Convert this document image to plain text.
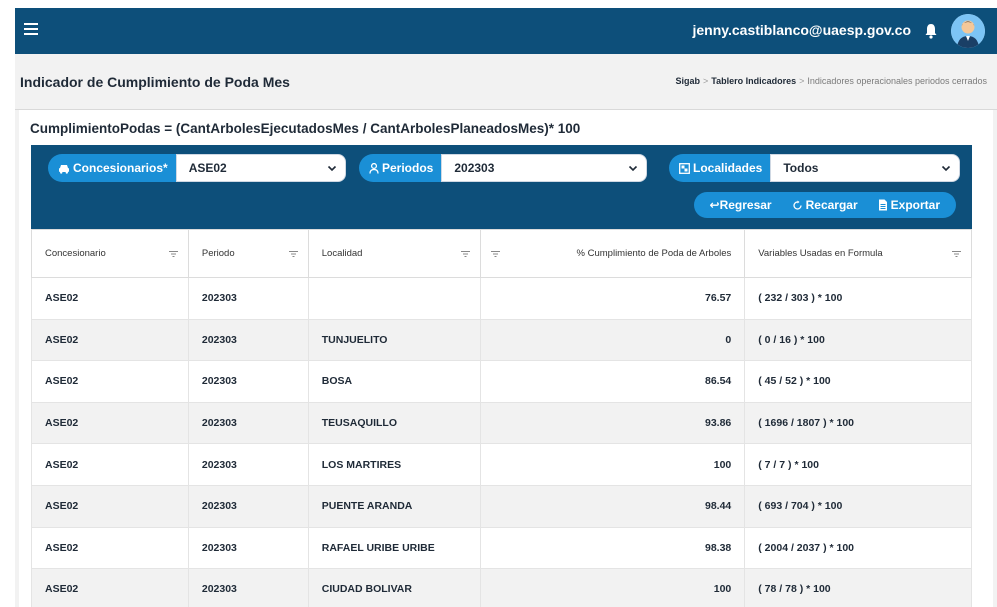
jenny.castiblanco@uaesp.gov.co
Indicador de Cumplimiento de Poda Mes	Sigab > Tablero Indicadores > Indicadores operacionales periodos cerrados
CumplimientoPodas = (CantArbolesEjecutadosMes / CantArbolesPlaneadosMes)* 100
Concesionarios* ASE02	Periodos 202303	Localidades Todos
↩Regresar	Recargar	Exportar
Concesionario	Periodo	Localidad	% Cumplimiento de Poda de Arboles	Variables Usadas en Formula

ASE02	202303		76.57	( 232 / 303 ) * 100
ASE02	202303	TUNJUELITO	0	( 0 / 16 ) * 100
ASE02	202303	BOSA	86.54	( 45 / 52 ) * 100
ASE02	202303	TEUSAQUILLO	93.86	( 1696 / 1807 ) * 100
ASE02	202303	LOS MARTIRES	100	( 7 / 7 ) * 100
ASE02	202303	PUENTE ARANDA	98.44	( 693 / 704 ) * 100
ASE02	202303	RAFAEL URIBE URIBE	98.38	( 2004 / 2037 ) * 100
ASE02	202303	CIUDAD BOLIVAR	100	( 78 / 78 ) * 100
